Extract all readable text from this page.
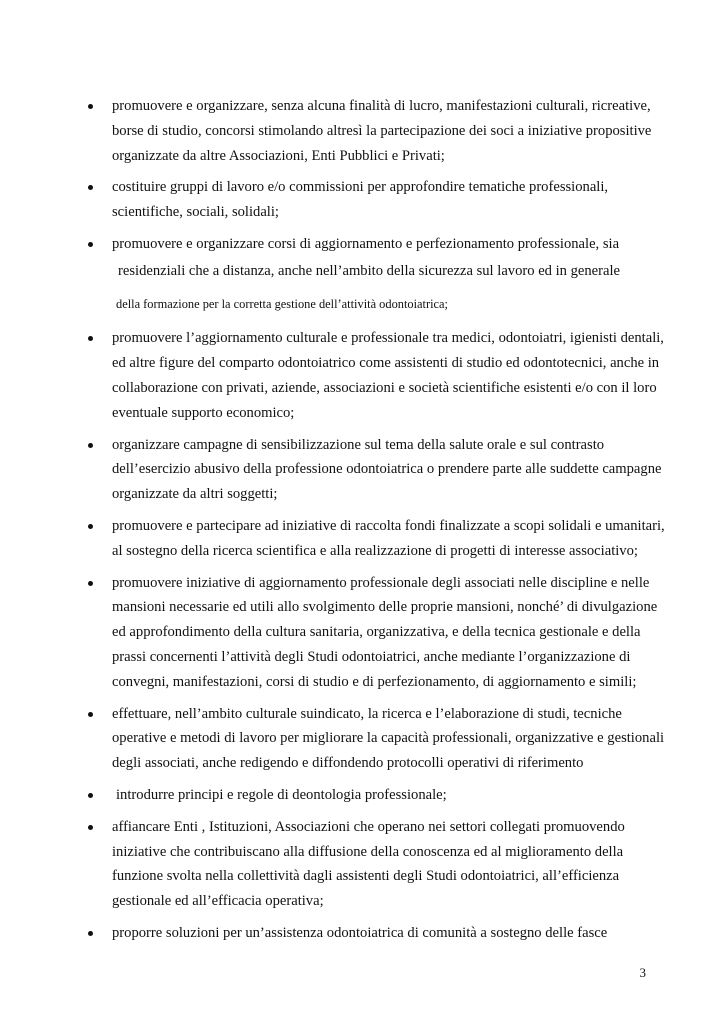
promuovere e organizzare, senza alcuna finalità di lucro, manifestazioni culturali, ricreative, borse di studio, concorsi stimolando altresì la partecipazione dei soci a iniziative propositive organizzate da altre Associazioni, Enti Pubblici e Privati;
costituire gruppi di lavoro e/o commissioni per approfondire tematiche professionali, scientifiche, sociali, solidali;
promuovere e organizzare corsi di aggiornamento e perfezionamento professionale, sia
residenziali che a distanza, anche nell’ambito della sicurezza sul lavoro ed in generale
della formazione per la corretta gestione dell’attività odontoiatrica;
promuovere l’aggiornamento culturale e professionale tra medici, odontoiatri, igienisti dentali, ed altre figure del comparto odontoiatrico come assistenti di studio ed odontotecnici, anche in collaborazione con privati, aziende, associazioni e società scientifiche esistenti e/o con il loro eventuale supporto economico;
organizzare campagne di sensibilizzazione sul tema della salute orale e sul contrasto dell’esercizio abusivo della professione odontoiatrica o prendere parte alle suddette campagne organizzate da altri soggetti;
promuovere e partecipare ad iniziative di raccolta fondi finalizzate a scopi solidali e umanitari, al sostegno della ricerca scientifica e alla realizzazione di progetti di interesse associativo;
promuovere iniziative di aggiornamento professionale degli associati nelle discipline e nelle mansioni necessarie ed utili allo svolgimento delle proprie mansioni, nonché’ di divulgazione ed approfondimento della cultura sanitaria, organizzativa, e della tecnica gestionale e della prassi concernenti l’attività degli Studi odontoiatrici, anche mediante l’organizzazione di convegni, manifestazioni, corsi di studio e di perfezionamento, di aggiornamento e simili;
effettuare, nell’ambito culturale suindicato, la ricerca e l’elaborazione di studi, tecniche operative e metodi di lavoro per migliorare la capacità professionali, organizzative e gestionali degli associati, anche redigendo e diffondendo protocolli operativi di riferimento
introdurre principi e regole di deontologia professionale;
affiancare Enti , Istituzioni, Associazioni che operano nei settori collegati promuovendo iniziative che contribuiscano alla diffusione della conoscenza ed al miglioramento della funzione svolta nella collettività dagli assistenti degli Studi odontoiatrici, all’efficienza gestionale ed all’efficacia operativa;
proporre soluzioni per un’assistenza odontoiatrica di comunità a sostegno delle fasce
3
